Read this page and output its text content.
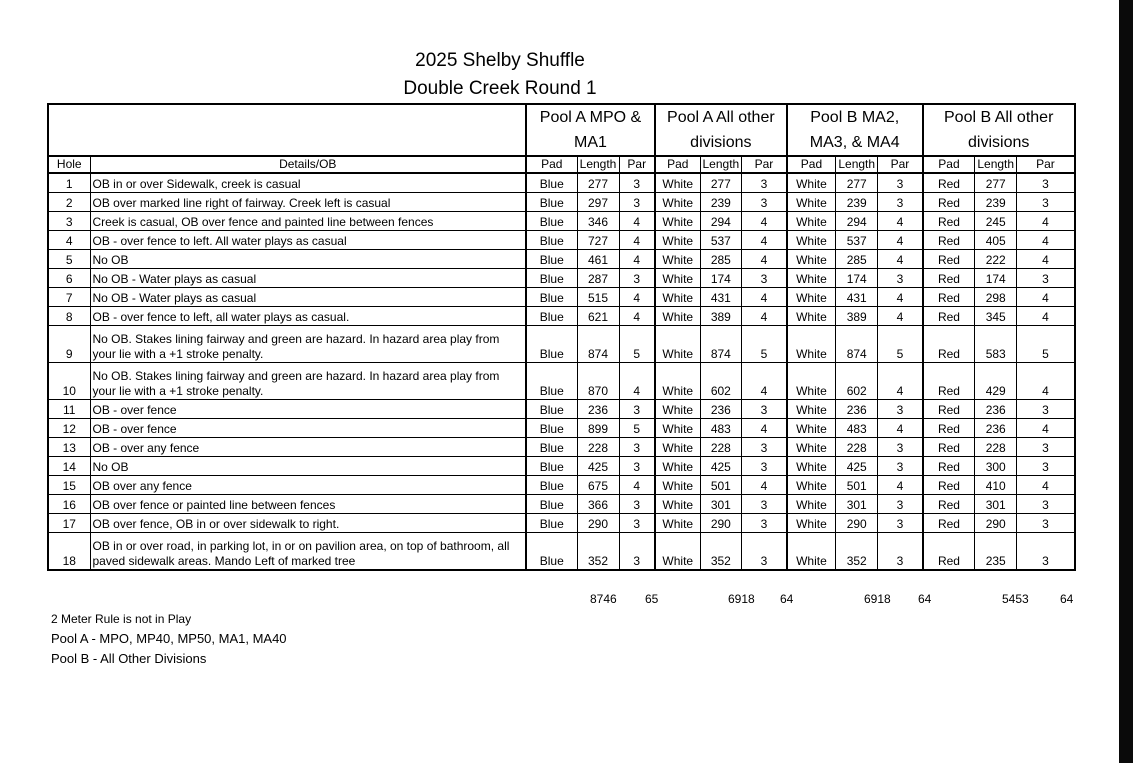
2025 Shelby Shuffle
Double Creek Round 1
		Pool A MPO & MA1			Pool A All other divisions			Pool B MA2, MA3, & MA4			Pool B All other divisions		
Hole	Details/OB	Pad	Length	Par	Pad	Length	Par	Pad	Length	Par	Pad	Length	Par
1	OB in or over Sidewalk, creek is casual	Blue	277	3	White	277	3	White	277	3	Red	277	3
2	OB over marked line right of fairway. Creek left is casual	Blue	297	3	White	239	3	White	239	3	Red	239	3
3	Creek is casual, OB over fence and painted line between fences	Blue	346	4	White	294	4	White	294	4	Red	245	4
4	OB - over fence to left. All water plays as casual	Blue	727	4	White	537	4	White	537	4	Red	405	4
5	No OB	Blue	461	4	White	285	4	White	285	4	Red	222	4
6	No OB - Water plays as casual	Blue	287	3	White	174	3	White	174	3	Red	174	3
7	No OB - Water plays as casual	Blue	515	4	White	431	4	White	431	4	Red	298	4
8	OB - over fence to left, all water plays as casual.	Blue	621	4	White	389	4	White	389	4	Red	345	4
9	No OB. Stakes lining fairway and green are hazard. In hazard area play from your lie with a +1 stroke penalty.	Blue	874	5	White	874	5	White	874	5	Red	583	5
10	No OB. Stakes lining fairway and green are hazard. In hazard area play from your lie with a +1 stroke penalty.	Blue	870	4	White	602	4	White	602	4	Red	429	4
11	OB - over fence	Blue	236	3	White	236	3	White	236	3	Red	236	3
12	OB - over fence	Blue	899	5	White	483	4	White	483	4	Red	236	4
13	OB - over any fence	Blue	228	3	White	228	3	White	228	3	Red	228	3
14	No OB	Blue	425	3	White	425	3	White	425	3	Red	300	3
15	OB over any fence	Blue	675	4	White	501	4	White	501	4	Red	410	4
16	OB over fence or painted line between fences	Blue	366	3	White	301	3	White	301	3	Red	301	3
17	OB over fence, OB in or over sidewalk to right.	Blue	290	3	White	290	3	White	290	3	Red	290	3
18	OB in or over road, in parking lot, in or on pavilion area, on top of bathroom, all paved sidewalk areas. Mando Left of marked tree	Blue	352	3	White	352	3	White	352	3	Red	235	3
8746 65	6918 64	6918 64	5453	64
2 Meter Rule is not in Play
Pool A - MPO, MP40, MP50, MA1, MA40
Pool B - All Other Divisions
